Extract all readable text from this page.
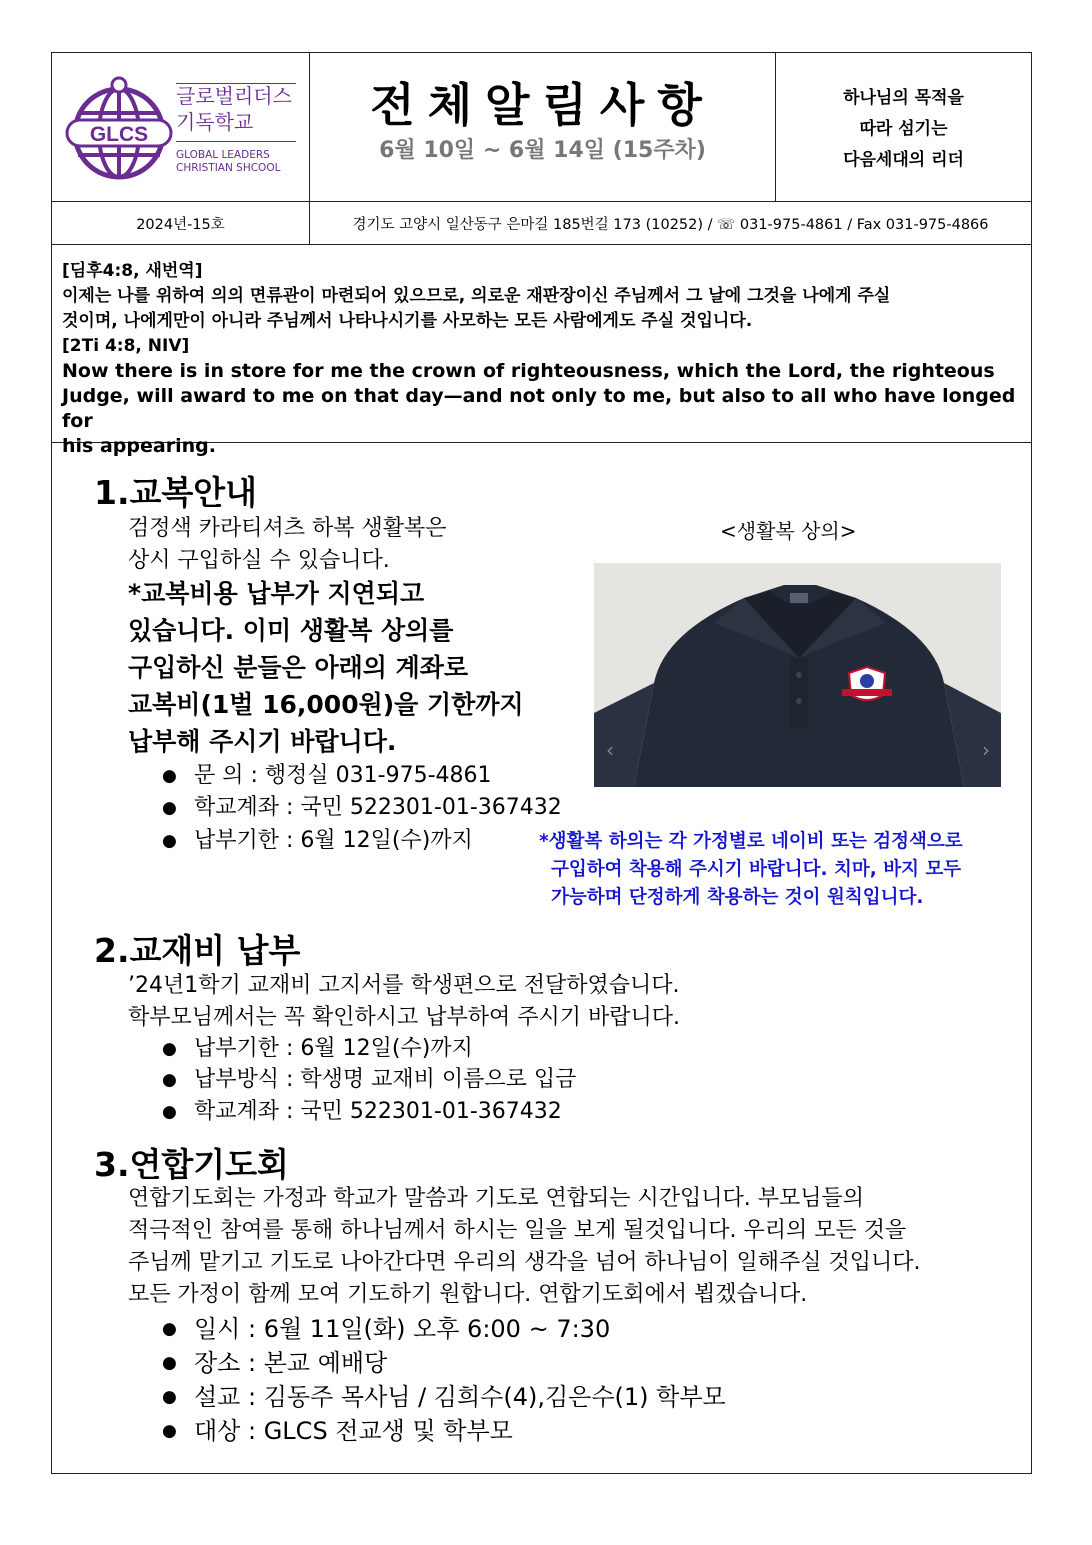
GLCS
글로벌리더스
기독학교
GLOBAL LEADERS
CHRISTIAN SHCOOL
전체알림사항
6월 10일 ~ 6월 14일 (15주차)
하나님의 목적을
따라 섬기는
다음세대의 리더
2024년-15호	경기도 고양시 일산동구 은마길 185번길 173 (10252) / ☏ 031-975-4861 / Fax 031-975-4866
[딤후4:8, 새번역]
이제는 나를 위하여 의의 면류관이 마련되어 있으므로, 의로운 재판장이신 주님께서 그 날에 그것을 나에게 주실
것이며, 나에게만이 아니라 주님께서 나타나시기를 사모하는 모든 사람에게도 주실 것입니다.
[2Ti 4:8, NIV]
Now there is in store for me the crown of righteousness, which the Lord, the righteous
Judge, will award to me on that day—and not only to me, but also to all who have longed for
his appearing.
1.교복안내
검정색 카라티셔츠 하복 생활복은
상시 구입하실 수 있습니다.
*교복비용 납부가 지연되고
있습니다. 이미 생활복 상의를
구입하신 분들은 아래의 계좌로
교복비(1벌 16,000원)을 기한까지
납부해 주시기 바랍니다.
● 문 의 : 행정실 031-975-4861
● 학교계좌 : 국민 522301-01-367432
● 납부기한 : 6월 12일(수)까지
<생활복 상의>
‹	›
*생활복 하의는 각 가정별로 네이비 또는 검정색으로
구입하여 착용해 주시기 바랍니다. 치마, 바지 모두
가능하며 단정하게 착용하는 것이 원칙입니다.
2.교재비 납부
’24년1학기 교재비 고지서를 학생편으로 전달하였습니다.
학부모님께서는 꼭 확인하시고 납부하여 주시기 바랍니다.
● 납부기한 : 6월 12일(수)까지
● 납부방식 : 학생명 교재비 이름으로 입금
● 학교계좌 : 국민 522301-01-367432
3.연합기도회
연합기도회는 가정과 학교가 말씀과 기도로 연합되는 시간입니다. 부모님들의
적극적인 참여를 통해 하나님께서 하시는 일을 보게 될것입니다. 우리의 모든 것을
주님께 맡기고 기도로 나아간다면 우리의 생각을 넘어 하나님이 일해주실 것입니다.
모든 가정이 함께 모여 기도하기 원합니다. 연합기도회에서 뵙겠습니다.
● 일시 : 6월 11일(화) 오후 6:00 ~ 7:30
● 장소 : 본교 예배당
● 설교 : 김동주 목사님 / 김희수(4),김은수(1) 학부모
● 대상 : GLCS 전교생 및 학부모
